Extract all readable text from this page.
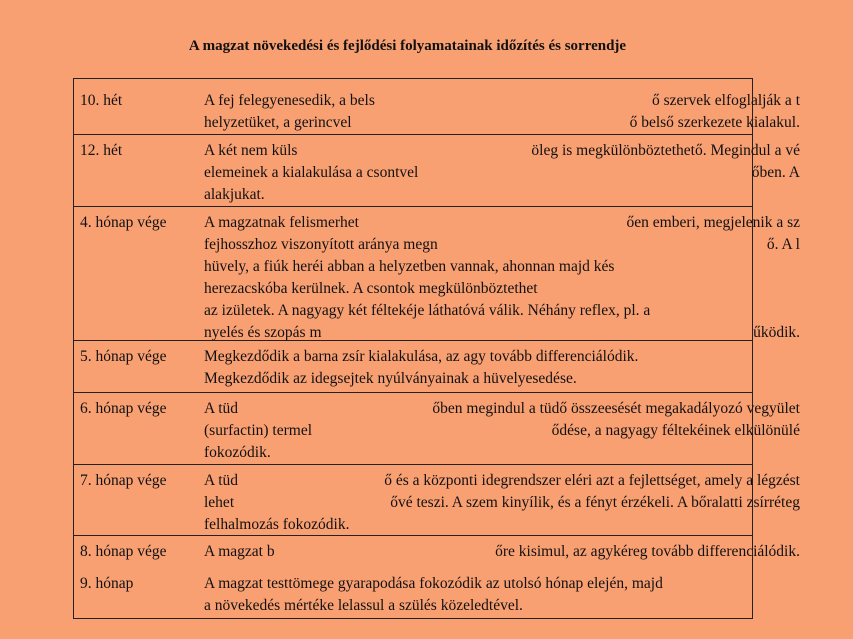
A magzat növekedési és fejlődési folyamatainak időzítés és sorrendje
10. hét	A fej felegyenesedik, a bels	ő szervek elfoglalják a t
helyzetüket, a gerincvel	ő belső szerkezete kialakul.
12. hét	A két nem küls	öleg is megkülönböztethető. Megindul a vé
elemeinek a kialakulása a csontvel	őben. A
alakjukat.
4. hónap vége	A magzatnak felismerhet	ően emberi, megjelenik a sz
fejhosszhoz viszonyított aránya megn	ő. A l
hüvely, a fiúk heréi abban a helyzetben vannak, ahonnan majd kés
herezacskóba kerülnek. A csontok megkülönböztethet
az izületek. A nagyagy két féltekéje láthatóvá válik. Néhány reflex, pl. a
nyelés és szopás m	űködik.
5. hónap vége	Megkezdődik a barna zsír kialakulása, az agy tovább differenciálódik.
Megkezdődik az idegsejtek nyúlványainak a hüvelyesedése.
6. hónap vége	A tüd	őben megindul a tüdő összeesését megakadályozó vegyület
(surfactin) termel	ődése, a nagyagy féltekéinek elkülönülé
fokozódik.
7. hónap vége	A tüd	ő és a központi idegrendszer eléri azt a fejlettséget, amely a légzést
lehet	ővé teszi. A szem kinyílik, és a fényt érzékeli. A bőralatti zsírréteg
felhalmozás fokozódik.
8. hónap vége	A magzat b	őre kisimul, az agykéreg tovább differenciálódik.
9. hónap	A magzat testtömege gyarapodása fokozódik az utolsó hónap elején, majd
a növekedés mértéke lelassul a szülés közeledtével.
